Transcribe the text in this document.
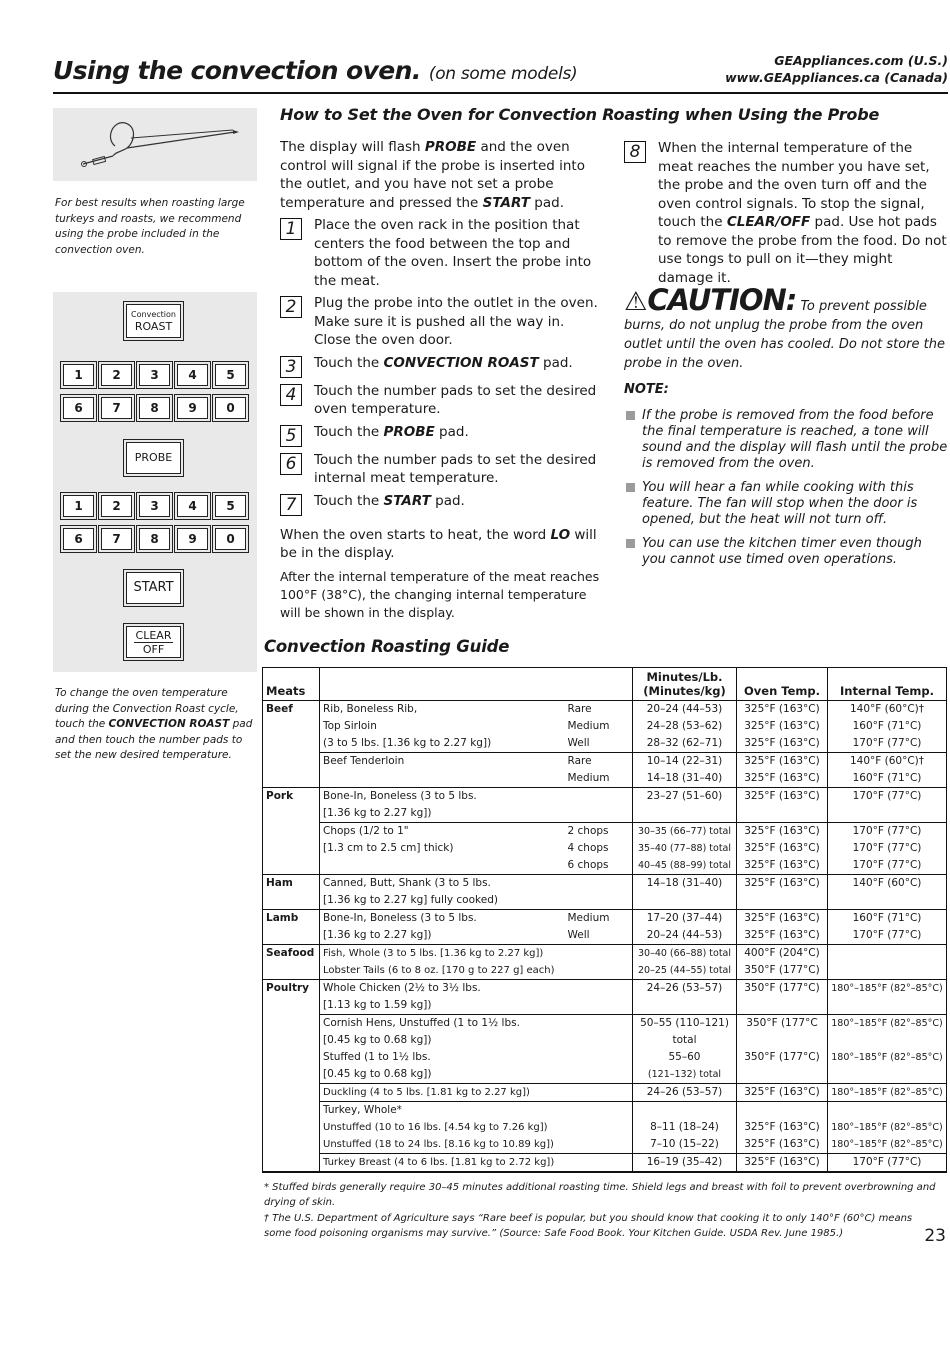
Using the convection oven. (on some models)
GEAppliances.com (U.S.)
www.GEAppliances.ca (Canada)
For best results when roasting large turkeys and roasts, we recommend using the probe included in the convection oven.
Convection
ROAST
1	2	3	4	5
6	7	8	9	0
PROBE
1	2	3	4	5
6	7	8	9	0
START
CLEAR
OFF
To change the oven temperature during the Convection Roast cycle, touch the CONVECTION ROAST pad and then touch the number pads to set the new desired temperature.
How to Set the Oven for Convection Roasting when Using the Probe
The display will flash PROBE and the oven control will signal if the probe is inserted into the outlet, and you have not set a probe temperature and pressed the START pad.
1	Place the oven rack in the position that centers the food between the top and bottom of the oven. Insert the probe into the meat.
2	Plug the probe into the outlet in the oven. Make sure it is pushed all the way in. Close the oven door.
3	Touch the CONVECTION ROAST pad.
4	Touch the number pads to set the desired oven temperature.
5	Touch the PROBE pad.
6	Touch the number pads to set the desired internal meat temperature.
7	Touch the START pad.
When the oven starts to heat, the word LO will be in the display.
After the internal temperature of the meat reaches 100°F (38°C), the changing internal temperature will be shown in the display.
8	When the internal temperature of the meat reaches the number you have set, the probe and the oven turn off and the oven control signals. To stop the signal, touch the CLEAR/OFF pad. Use hot pads to remove the probe from the food. Do not use tongs to pull on it—they might damage it.
⚠CAUTION: To prevent possible burns, do not unplug the probe from the oven outlet until the oven has cooled. Do not store the probe in the oven.
NOTE:
If the probe is removed from the food before the final temperature is reached, a tone will sound and the display will flash until the probe is removed from the oven.
You will hear a fan while cooking with this feature. The fan will stop when the door is opened, but the heat will not turn off.
You can use the kitchen timer even though you cannot use timed oven operations.
Convection Roasting Guide
Meats			Minutes/Lb.
(Minutes/kg)	Oven Temp.	Internal Temp.
Beef	Rib, Boneless Rib,	Rare	20–24 (44–53)	325°F (163°C)	140°F (60°C)†
	Top Sirloin	Medium	24–28 (53–62)	325°F (163°C)	160°F (71°C)
	(3 to 5 lbs. [1.36 kg to 2.27 kg])	Well	28–32 (62–71)	325°F (163°C)	170°F (77°C)
	Beef Tenderloin	Rare	10–14 (22–31)	325°F (163°C)	140°F (60°C)†
		Medium	14–18 (31–40)	325°F (163°C)	160°F (71°C)
Pork	Bone-In, Boneless (3 to 5 lbs.		23–27 (51–60)	325°F (163°C)	170°F (77°C)
	[1.36 kg to 2.27 kg])				
	Chops (1/2 to 1"	2 chops	30–35 (66–77) total	325°F (163°C)	170°F (77°C)
	[1.3 cm to 2.5 cm] thick)	4 chops	35–40 (77–88) total	325°F (163°C)	170°F (77°C)
		6 chops	40–45 (88–99) total	325°F (163°C)	170°F (77°C)
Ham	Canned, Butt, Shank (3 to 5 lbs.		14–18 (31–40)	325°F (163°C)	140°F (60°C)
	[1.36 kg to 2.27 kg] fully cooked)				
Lamb	Bone-In, Boneless (3 to 5 lbs.	Medium	17–20 (37–44)	325°F (163°C)	160°F (71°C)
	[1.36 kg to 2.27 kg])	Well	20–24 (44–53)	325°F (163°C)	170°F (77°C)
Seafood	Fish, Whole (3 to 5 lbs. [1.36 kg to 2.27 kg])		30–40 (66–88) total	400°F (204°C)	
	Lobster Tails (6 to 8 oz. [170 g to 227 g] each)		20–25 (44–55) total	350°F (177°C)	
Poultry	Whole Chicken (2½ to 3½ lbs.		24–26 (53–57)	350°F (177°C)	180°–185°F (82°–85°C)
	[1.13 kg to 1.59 kg])				
	Cornish Hens, Unstuffed (1 to 1½ lbs.		50–55 (110–121)	350°F (177°C	180°–185°F (82°–85°C)
	[0.45 kg to 0.68 kg])		total		
	Stuffed (1 to 1½ lbs.		55–60	350°F (177°C)	180°–185°F (82°–85°C)
	[0.45 kg to 0.68 kg])		(121–132) total		
	Duckling (4 to 5 lbs. [1.81 kg to 2.27 kg])		24–26 (53–57)	325°F (163°C)	180°–185°F (82°–85°C)
	Turkey, Whole*				
	Unstuffed (10 to 16 lbs. [4.54 kg to 7.26 kg])		8–11 (18–24)	325°F (163°C)	180°–185°F (82°–85°C)
	Unstuffed (18 to 24 lbs. [8.16 kg to 10.89 kg])		7–10 (15–22)	325°F (163°C)	180°–185°F (82°–85°C)
	Turkey Breast (4 to 6 lbs. [1.81 kg to 2.72 kg])		16–19 (35–42)	325°F (163°C)	170°F (77°C)
* Stuffed birds generally require 30–45 minutes additional roasting time. Shield legs and breast with foil to prevent overbrowning and drying of skin.
† The U.S. Department of Agriculture says “Rare beef is popular, but you should know that cooking it to only 140°F (60°C) means some food poisoning organisms may survive.” (Source: Safe Food Book. Your Kitchen Guide. USDA Rev. June 1985.)	23
